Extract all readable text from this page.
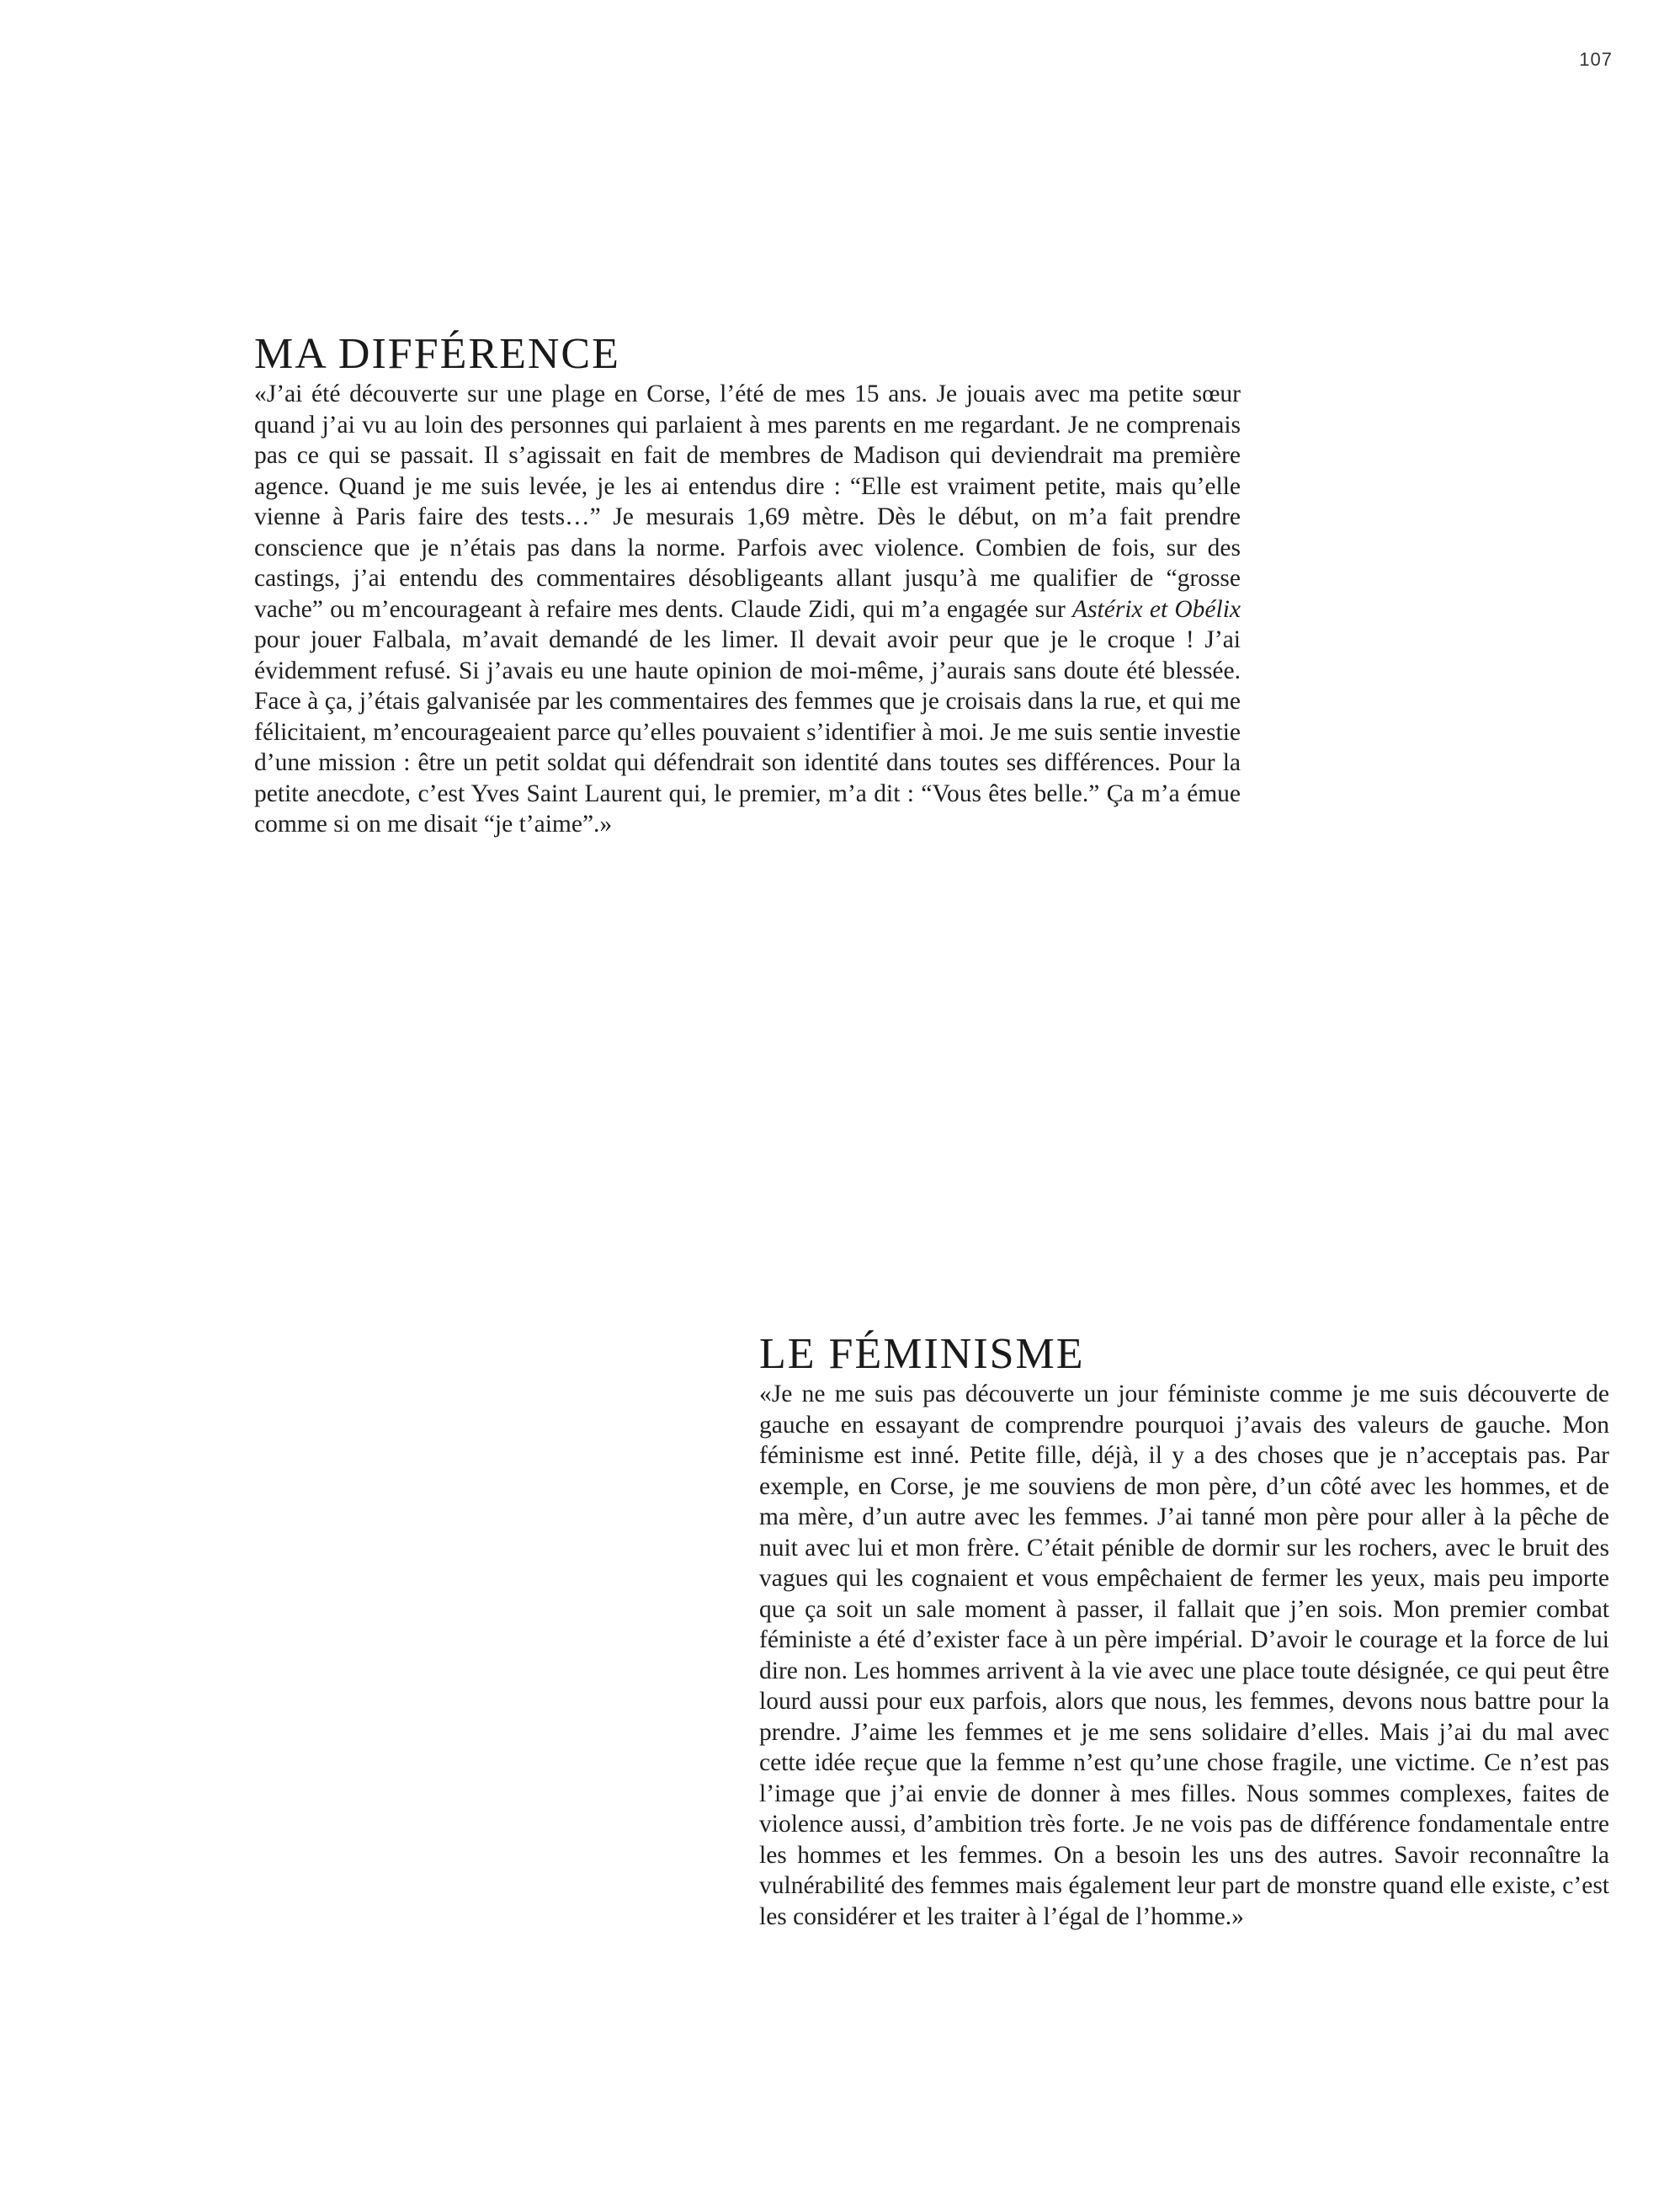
107
MA DIFFÉRENCE

«J’ai été découverte sur une plage en Corse, l’été de mes 15 ans. Je jouais avec ma petite sœur quand j’ai vu au loin des personnes qui parlaient à mes parents en me regardant. Je ne comprenais pas ce qui se passait. Il s’agissait en fait de membres de Madison qui deviendrait ma première agence. Quand je me suis levée, je les ai entendus dire : “Elle est vraiment petite, mais qu’elle vienne à Paris faire des tests…” Je mesurais 1,69 mètre. Dès le début, on m’a fait prendre conscience que je n’étais pas dans la norme. Parfois avec violence. Combien de fois, sur des castings, j’ai entendu des commentaires désobligeants allant jusqu’à me qualifier de “grosse vache” ou m’encourageant à refaire mes dents. Claude Zidi, qui m’a engagée sur Astérix et Obélix pour jouer Falbala, m’avait demandé de les limer. Il devait avoir peur que je le croque ! J’ai évidemment refusé. Si j’avais eu une haute opinion de moi-même, j’aurais sans doute été blessée. Face à ça, j’étais galvanisée par les commentaires des femmes que je croisais dans la rue, et qui me félicitaient, m’encourageaient parce qu’elles pouvaient s’identifier à moi. Je me suis sentie investie d’une mission : être un petit soldat qui défendrait son identité dans toutes ses différences. Pour la petite anecdote, c’est Yves Saint Laurent qui, le premier, m’a dit : “Vous êtes belle.” Ça m’a émue comme si on me disait “je t’aime”.»

LE FÉMINISME

«Je ne me suis pas découverte un jour féministe comme je me suis découverte de gauche en essayant de comprendre pourquoi j’avais des valeurs de gauche. Mon féminisme est inné. Petite fille, déjà, il y a des choses que je n’acceptais pas. Par exemple, en Corse, je me souviens de mon père, d’un côté avec les hommes, et de ma mère, d’un autre avec les femmes. J’ai tanné mon père pour aller à la pêche de nuit avec lui et mon frère. C’était pénible de dormir sur les rochers, avec le bruit des vagues qui les cognaient et vous empêchaient de fermer les yeux, mais peu importe que ça soit un sale moment à passer, il fallait que j’en sois. Mon premier combat féministe a été d’exister face à un père impérial. D’avoir le courage et la force de lui dire non. Les hommes arrivent à la vie avec une place toute désignée, ce qui peut être lourd aussi pour eux parfois, alors que nous, les femmes, devons nous battre pour la prendre. J’aime les femmes et je me sens solidaire d’elles. Mais j’ai du mal avec cette idée reçue que la femme n’est qu’une chose fragile, une victime. Ce n’est pas l’image que j’ai envie de donner à mes filles. Nous sommes complexes, faites de violence aussi, d’ambition très forte. Je ne vois pas de différence fondamentale entre les hommes et les femmes. On a besoin les uns des autres. Savoir reconnaître la vulnérabilité des femmes mais également leur part de monstre quand elle existe, c’est les considérer et les traiter à l’égal de l’homme.»
